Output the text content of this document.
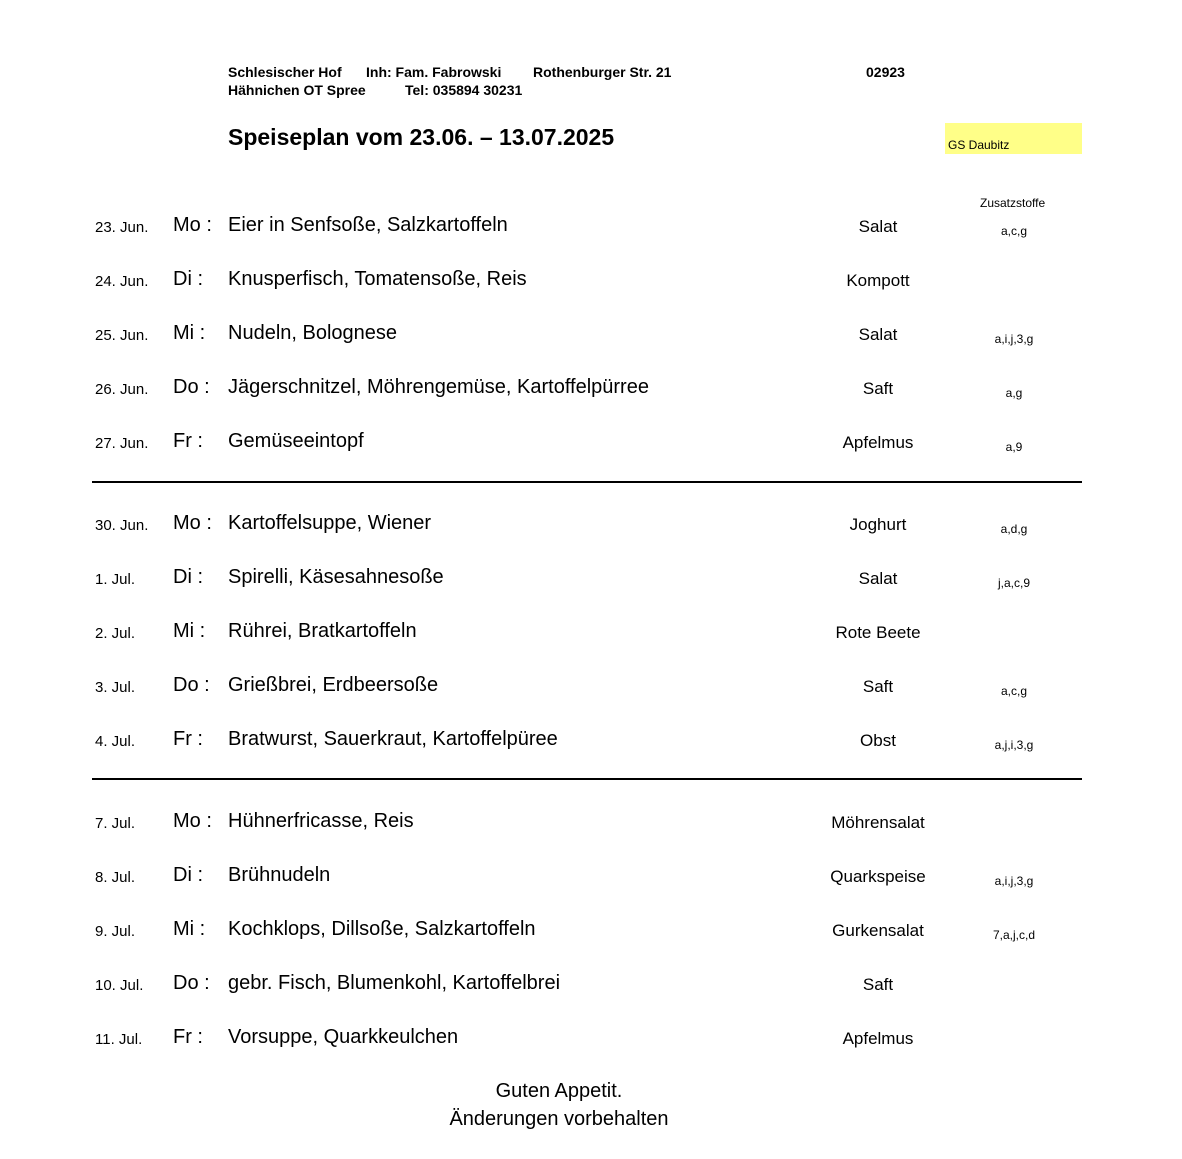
Schlesischer Hof Inh: Fam. Fabrowski Rothenburger Str. 21	02923
Hähnichen OT Spree	Tel: 035894 30231
Speiseplan vom 23.06. – 13.07.2025	GS Daubitz
Zusatzstoffe
23. Jun. Mo : Eier in Senfsoße, Salzkartoffeln	Salat	a,c,g
24. Jun. Di : Knusperfisch, Tomatensoße, Reis	Kompott
25. Jun. Mi : Nudeln, Bolognese	Salat	a,i,j,3,g
26. Jun. Do : Jägerschnitzel, Möhrengemüse, Kartoffelpürree	Saft	a,g
27. Jun. Fr : Gemüseeintopf	Apfelmus	a,9
30. Jun. Mo : Kartoffelsuppe, Wiener	Joghurt	a,d,g
1. Jul. Di : Spirelli, Käsesahnesoße	Salat	j,a,c,9
2. Jul. Mi : Rührei, Bratkartoffeln	Rote Beete
3. Jul. Do : Grießbrei, Erdbeersoße	Saft	a,c,g
4. Jul. Fr : Bratwurst, Sauerkraut, Kartoffelpüree	Obst	a,j,i,3,g
7. Jul. Mo : Hühnerfricasse, Reis	Möhrensalat
8. Jul. Di : Brühnudeln	Quarkspeise	a,i,j,3,g
9. Jul. Mi : Kochklops, Dillsoße, Salzkartoffeln	Gurkensalat	7,a,j,c,d
10. Jul. Do : gebr. Fisch, Blumenkohl, Kartoffelbrei	Saft
11. Jul. Fr : Vorsuppe, Quarkkeulchen	Apfelmus
Guten Appetit.
Änderungen vorbehalten
